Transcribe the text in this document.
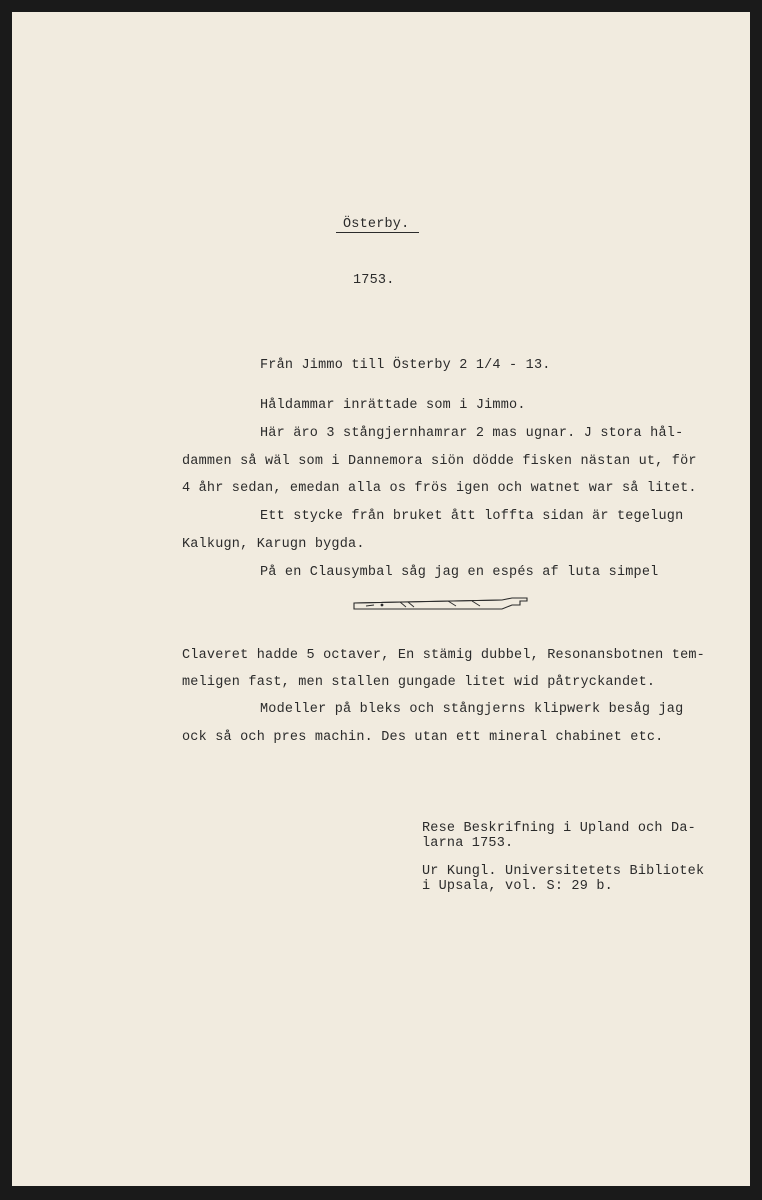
Österby.
1753.
Från Jimmo till Österby 2 1/4 - 13.
Håldammar inrättade som i Jimmo.
Här äro 3 stångjernhamrar 2 mas ugnar. J stora hål-
dammen så wäl som i Dannemora siön dödde fisken nästan ut, för
4 åhr sedan, emedan alla os frös igen och watnet war så litet.
Ett stycke från bruket ått loffta sidan är tegelugn
Kalkugn, Karugn bygda.
På en Clausymbal såg jag en espés af luta simpel
Claveret hadde 5 octaver, En stämig dubbel, Resonansbotnen tem-
meligen fast, men stallen gungade litet wid påtryckandet.
Modeller på bleks och stångjerns klipwerk besåg jag
ock så och pres machin. Des utan ett mineral chabinet etc.
Rese Beskrifning i Upland och Da-
larna 1753.
Ur Kungl. Universitetets Bibliotek
i Upsala, vol. S: 29 b.
